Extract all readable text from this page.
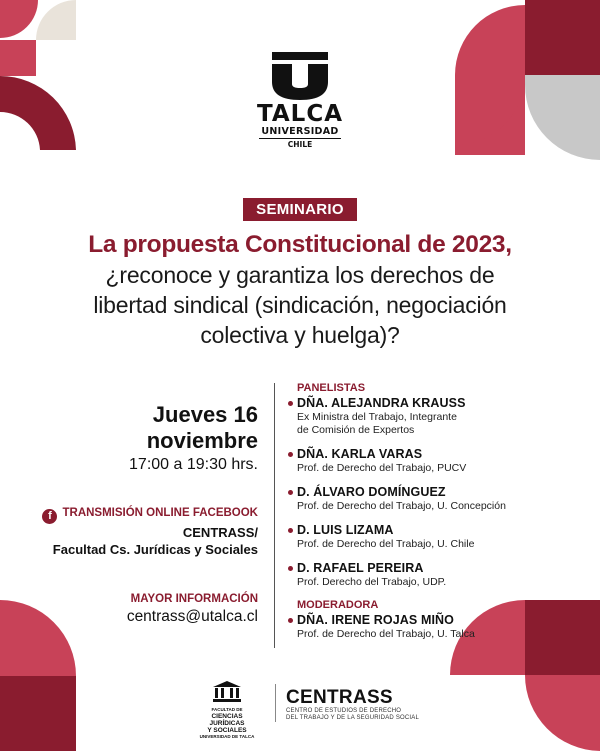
TALCA
UNIVERSIDAD
CHILE
SEMINARIO
La propuesta Constitucional de 2023,
¿reconoce y garantiza los derechos de
libertad sindical (sindicación, negociación
colectiva y huelga)?
Jueves 16
noviembre
17:00 a 19:30 hrs.
f TRANSMISIÓN ONLINE FACEBOOK
CENTRASS/
Facultad Cs. Jurídicas y Sociales
MAYOR INFORMACIÓN
centrass@utalca.cl
PANELISTAS
DÑA. ALEJANDRA KRAUSS
Ex Ministra del Trabajo, Integrante
de Comisión de Expertos
DÑA. KARLA VARAS
Prof. de Derecho del Trabajo, PUCV
D. ÁLVARO DOMÍNGUEZ
Prof. de Derecho del Trabajo, U. Concepción
D. LUIS LIZAMA
Prof. de Derecho del Trabajo, U. Chile
D. RAFAEL PEREIRA
Prof. Derecho del Trabajo, UDP.
MODERADORA
DÑA. IRENE ROJAS MIÑO
Prof. de Derecho del Trabajo, U. Talca
FACULTAD DE
CIENCIAS JURÍDICAS
Y SOCIALES
UNIVERSIDAD DE TALCA
CENTRASS
CENTRO DE ESTUDIOS DE DERECHO
DEL TRABAJO Y DE LA SEGURIDAD SOCIAL
